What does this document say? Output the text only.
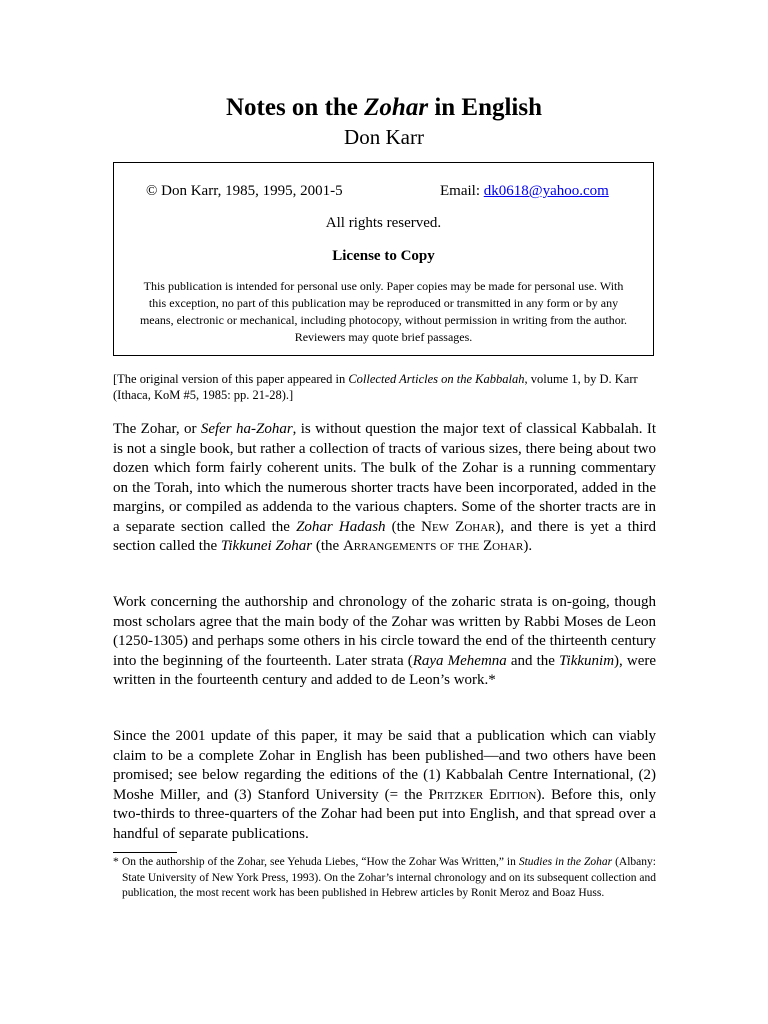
Notes on the Zohar in English
Don Karr
© Don Karr, 1985, 1995, 2001-5	Email: dk0618@yahoo.com
All rights reserved.
License to Copy
This publication is intended for personal use only. Paper copies may be made for personal use. With
this exception, no part of this publication may be reproduced or transmitted in any form or by any
means, electronic or mechanical, including photocopy, without permission in writing from the author.
Reviewers may quote brief passages.
[The original version of this paper appeared in Collected Articles on the Kabbalah, volume 1, by D. Karr (Ithaca, KoM #5, 1985: pp. 21-28).]
The Zohar, or Sefer ha-Zohar, is without question the major text of classical Kabbalah. It is not a single book, but rather a collection of tracts of various sizes, there being about two dozen which form fairly coherent units. The bulk of the Zohar is a running commentary on the Torah, into which the numerous shorter tracts have been incorporated, added in the margins, or compiled as addenda to the various chapters. Some of the shorter tracts are in a separate section called the Zohar Hadash (the New Zohar), and there is yet a third section called the Tikkunei Zohar (the Arrangements of the Zohar).
Work concerning the authorship and chronology of the zoharic strata is on-going, though most scholars agree that the main body of the Zohar was written by Rabbi Moses de Leon (1250-1305) and perhaps some others in his circle toward the end of the thirteenth century into the beginning of the fourteenth. Later strata (Raya Mehemna and the Tikkunim), were written in the fourteenth century and added to de Leon’s work.*
Since the 2001 update of this paper, it may be said that a publication which can viably claim to be a complete Zohar in English has been published—and two others have been promised; see below regarding the editions of the (1) Kabbalah Centre International, (2) Moshe Miller, and (3) Stanford University (= the Pritzker Edition). Before this, only two-thirds to three-quarters of the Zohar had been put into English, and that spread over a handful of separate publications.
* On the authorship of the Zohar, see Yehuda Liebes, “How the Zohar Was Written,” in Studies in the Zohar (Albany: State University of New York Press, 1993). On the Zohar’s internal chronology and on its subsequent collection and publication, the most recent work has been published in Hebrew articles by Ronit Meroz and Boaz Huss.
